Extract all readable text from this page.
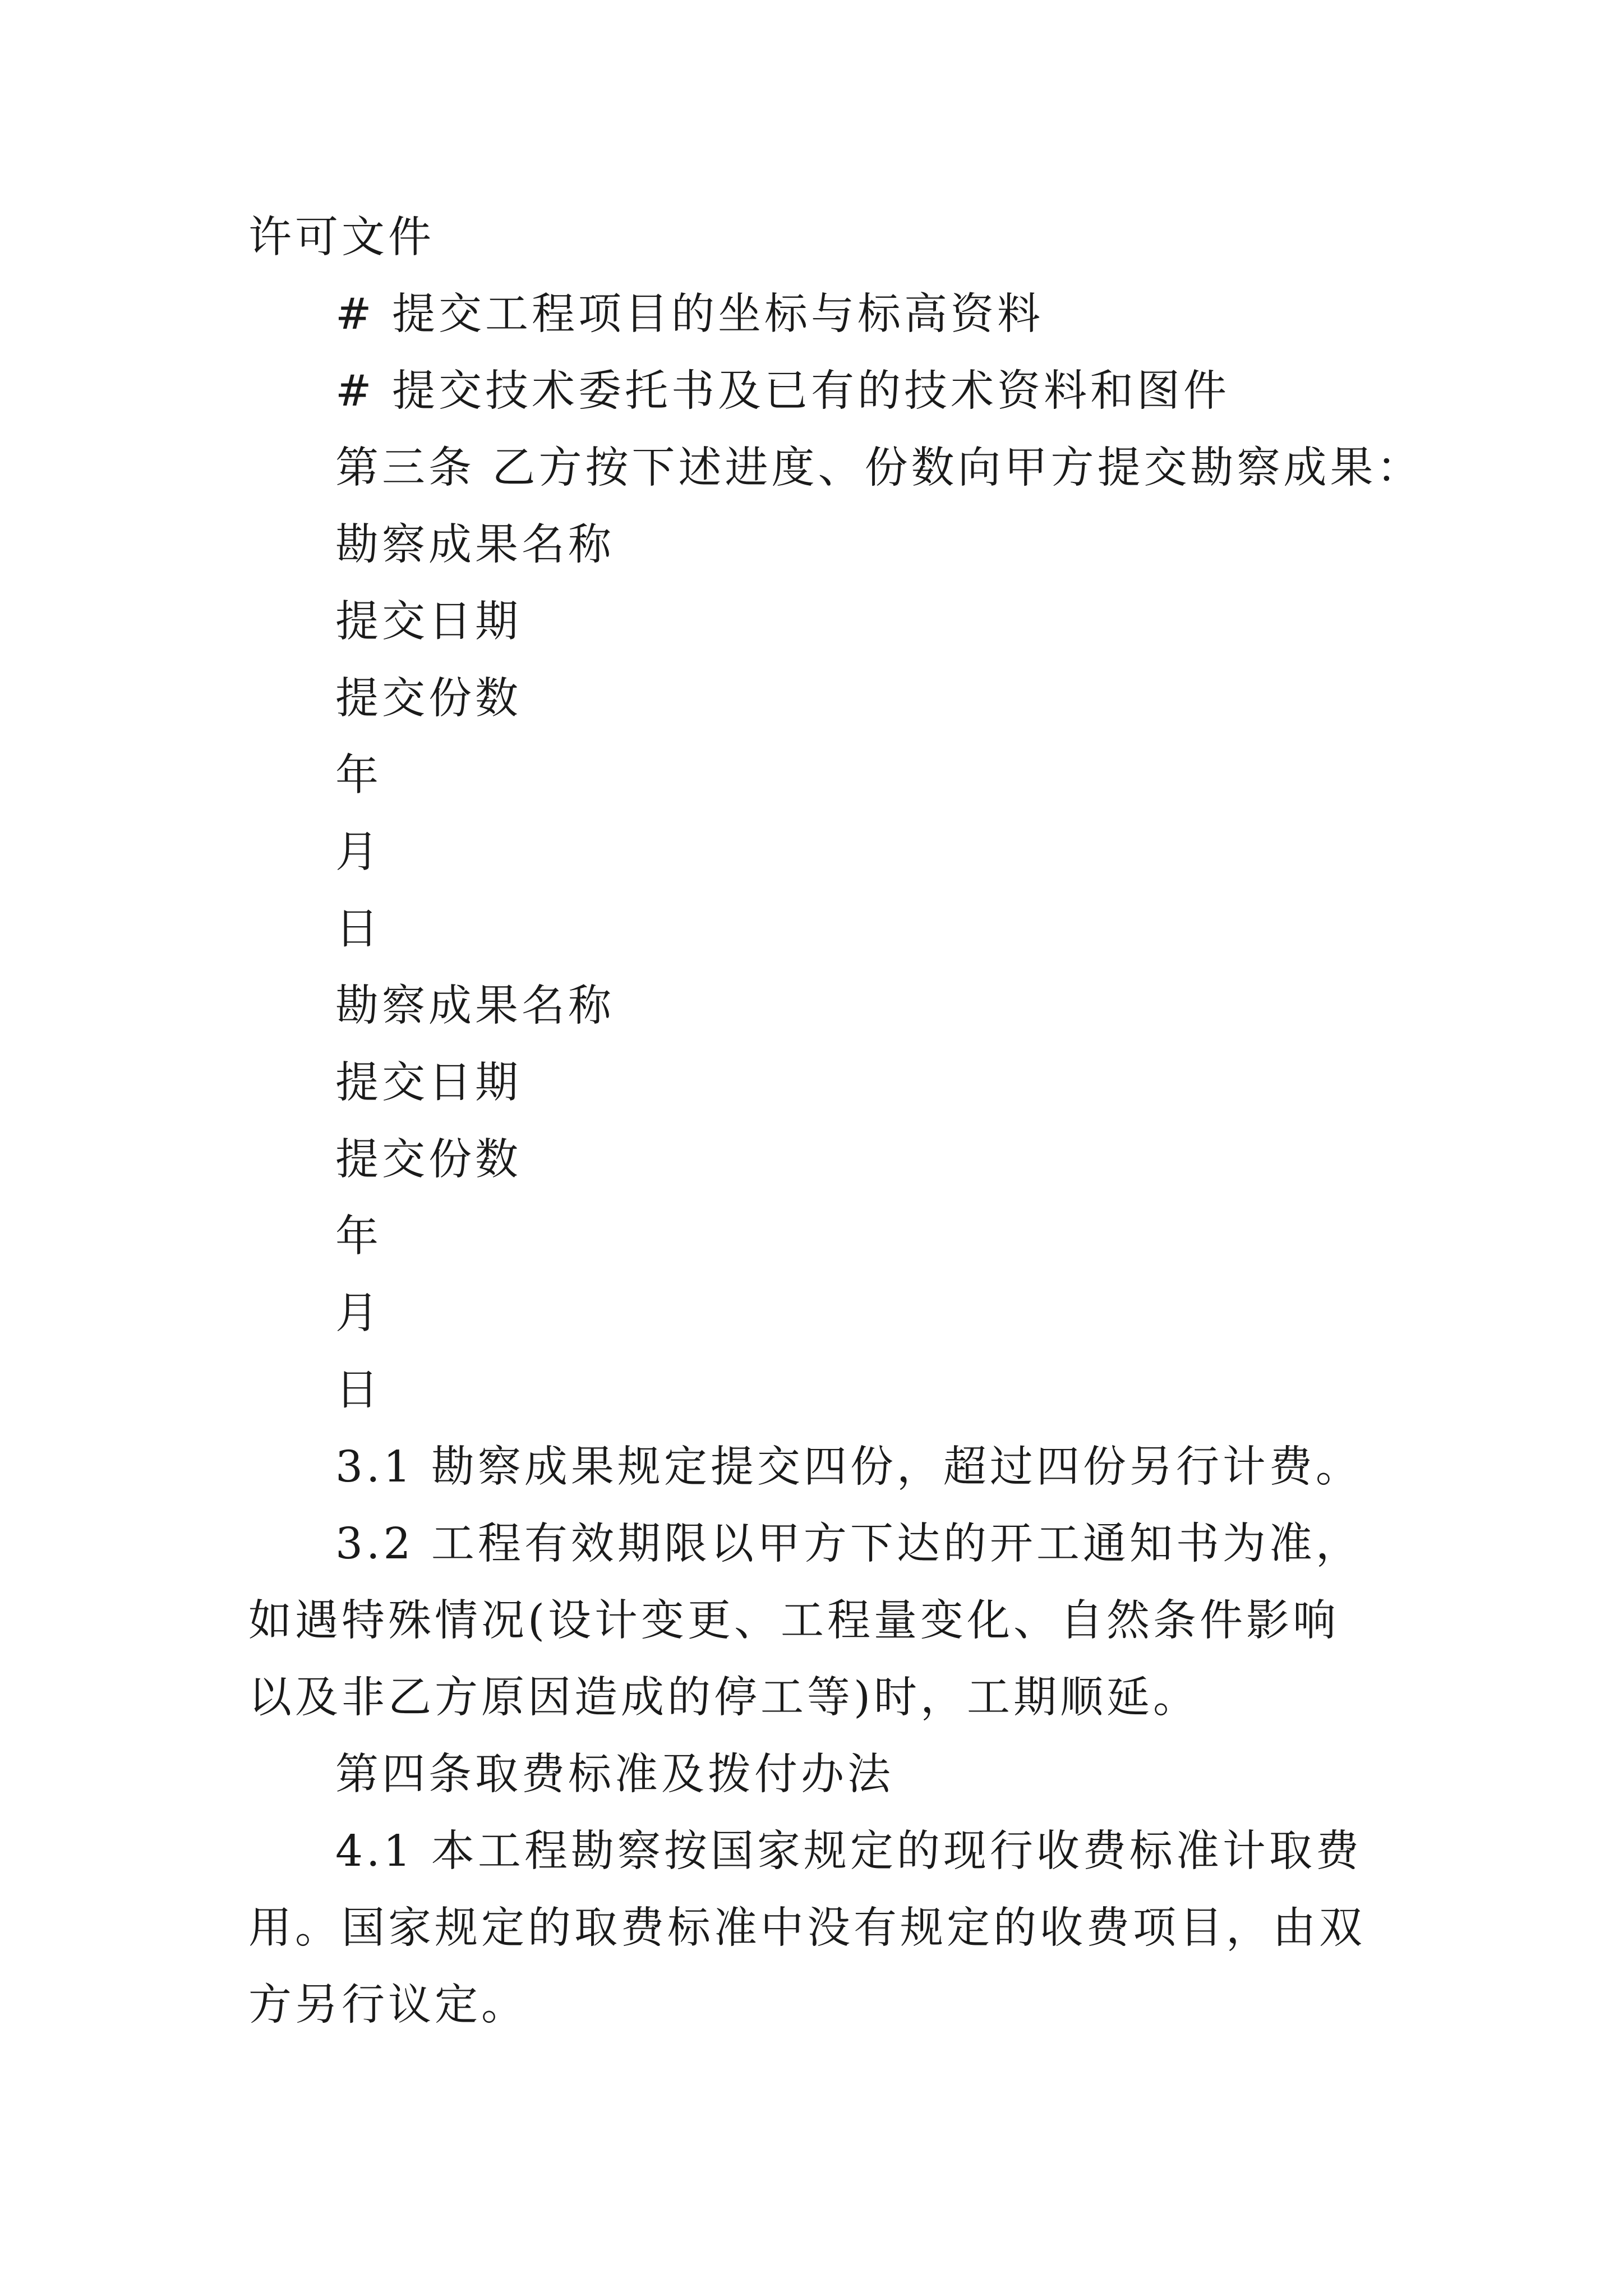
许可文件
# 提交工程项目的坐标与标高资料
# 提交技术委托书及已有的技术资料和图件
第三条 乙方按下述进度、份数向甲方提交勘察成果：
勘察成果名称
提交日期
提交份数
年
月
日
勘察成果名称
提交日期
提交份数
年
月
日
3.1 勘察成果规定提交四份，超过四份另行计费。
3.2 工程有效期限以甲方下达的开工通知书为准，如遇特殊情况(设计变更、工程量变化、自然条件影响以及非乙方原因造成的停工等)时，工期顺延。
第四条取费标准及拨付办法
4.1 本工程勘察按国家规定的现行收费标准计取费用。国家规定的取费标准中没有规定的收费项目，由双方另行议定。
